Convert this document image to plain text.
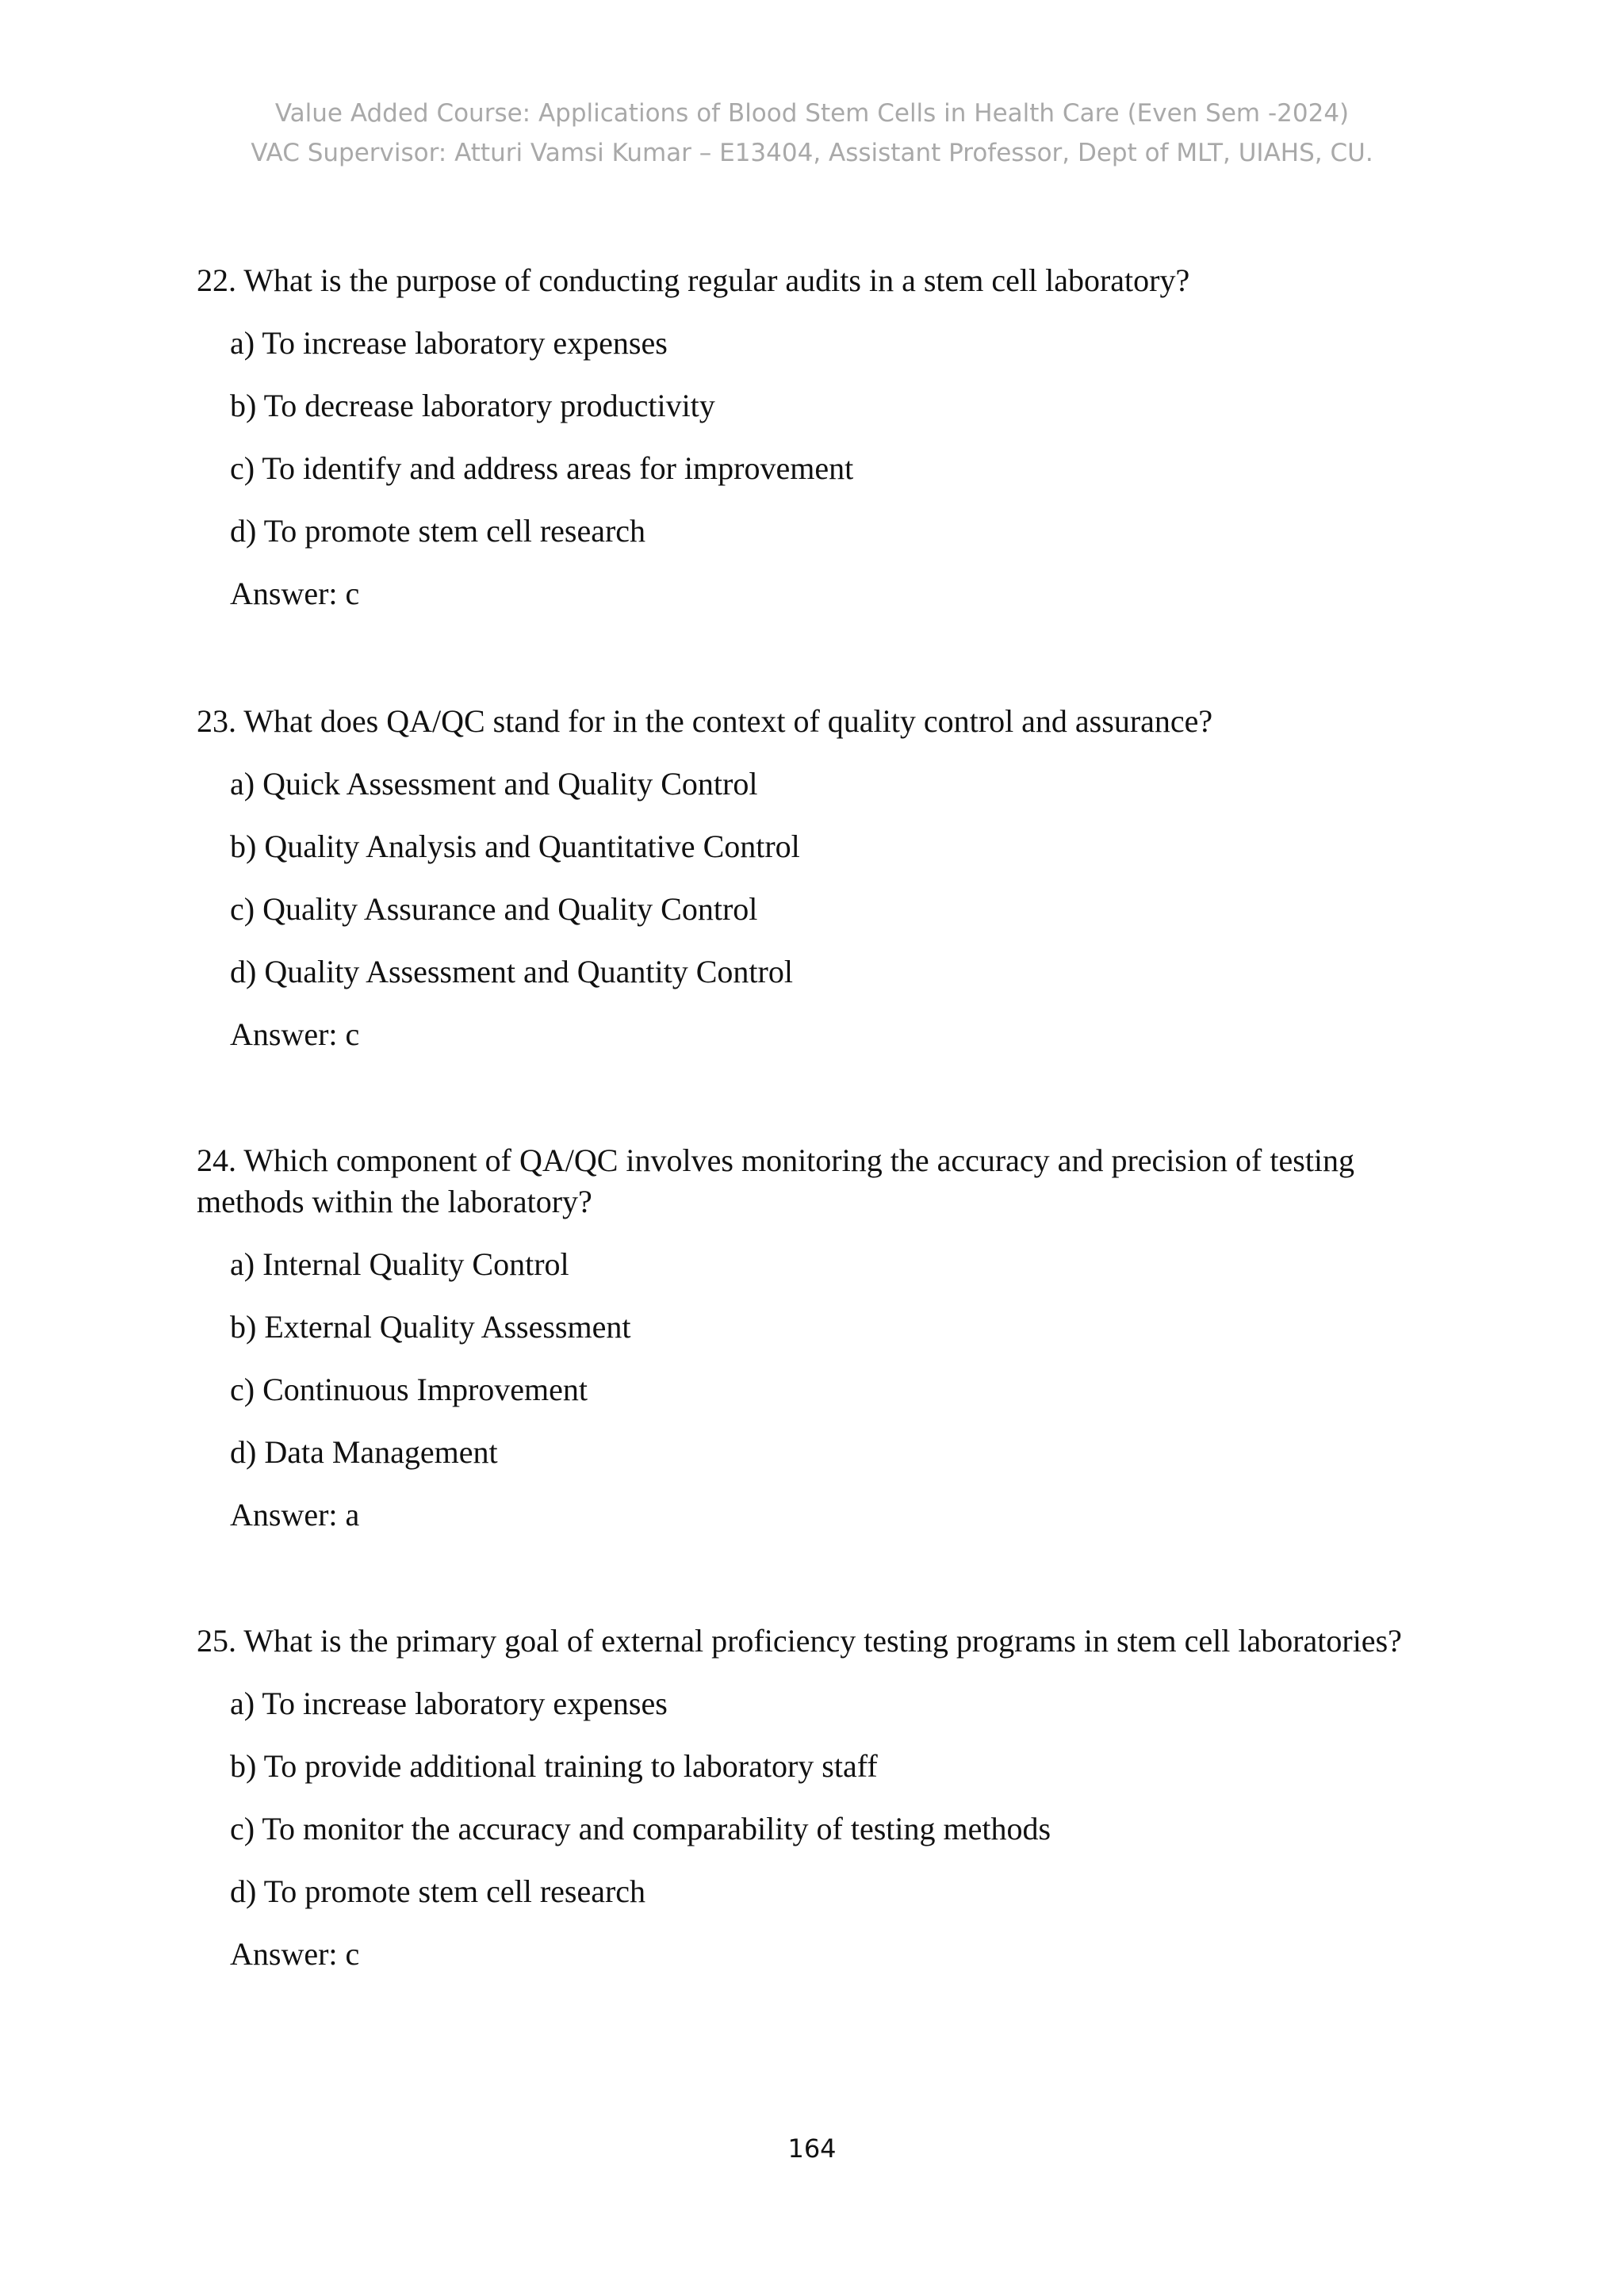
Value Added Course: Applications of Blood Stem Cells in Health Care (Even Sem -2024)
VAC Supervisor: Atturi Vamsi Kumar – E13404, Assistant Professor, Dept of MLT, UIAHS, CU.

22. What is the purpose of conducting regular audits in a stem cell laboratory?

a) To increase laboratory expenses

b) To decrease laboratory productivity

c) To identify and address areas for improvement

d) To promote stem cell research

Answer: c

23. What does QA/QC stand for in the context of quality control and assurance?

a) Quick Assessment and Quality Control

b) Quality Analysis and Quantitative Control

c) Quality Assurance and Quality Control

d) Quality Assessment and Quantity Control

Answer: c

24. Which component of QA/QC involves monitoring the accuracy and precision of testing methods within the laboratory?

a) Internal Quality Control

b) External Quality Assessment

c) Continuous Improvement

d) Data Management

Answer: a

25. What is the primary goal of external proficiency testing programs in stem cell laboratories?

a) To increase laboratory expenses

b) To provide additional training to laboratory staff

c) To monitor the accuracy and comparability of testing methods

d) To promote stem cell research

Answer: c

164
